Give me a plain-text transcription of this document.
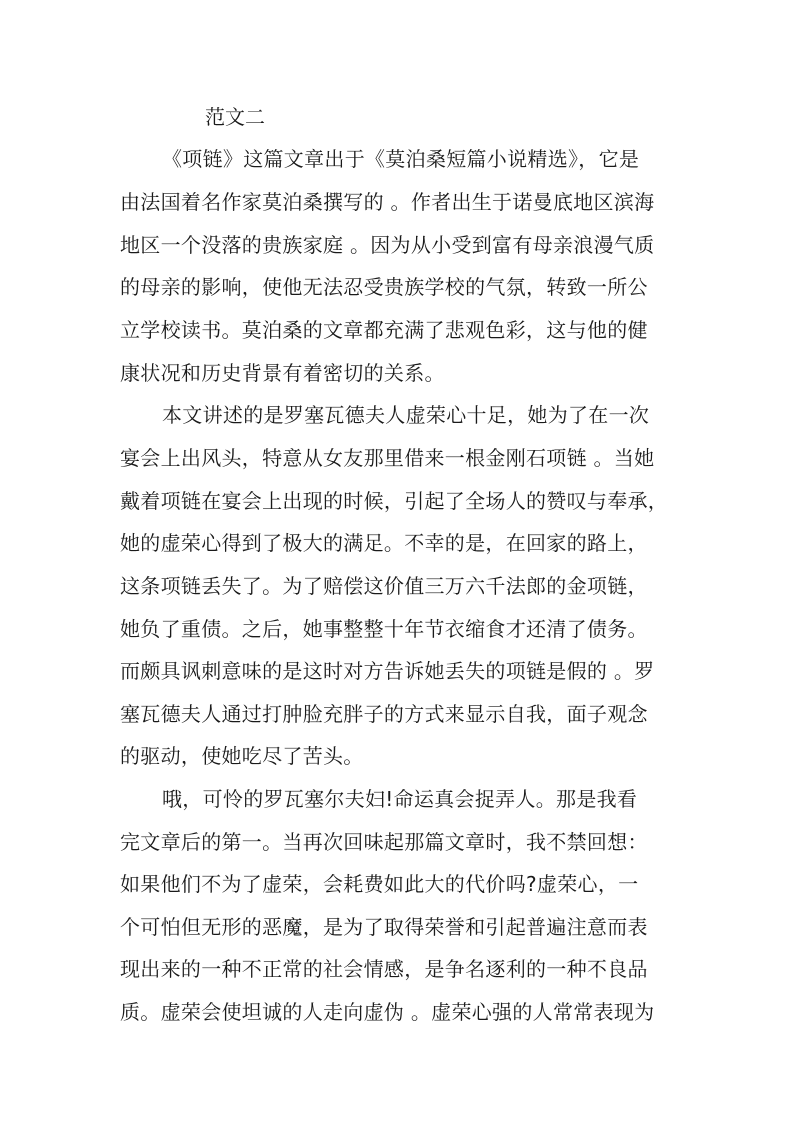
范文二
《项链》这篇文章出于《莫泊桑短篇小说精选》，它是
由法国着名作家莫泊桑撰写的 。作者出生于诺曼底地区滨海
地区一个没落的贵族家庭 。因为从小受到富有母亲浪漫气质
的母亲的影响，使他无法忍受贵族学校的气氛，转致一所公
立学校读书。莫泊桑的文章都充满了悲观色彩，这与他的健
康状况和历史背景有着密切的关系。
本文讲述的是罗塞瓦德夫人虚荣心十足，她为了在一次
宴会上出风头，特意从女友那里借来一根金刚石项链 。当她
戴着项链在宴会上出现的时候，引起了全场人的赞叹与奉承，
她的虚荣心得到了极大的满足。不幸的是，在回家的路上，
这条项链丢失了。为了赔偿这价值三万六千法郎的金项链，
她负了重债。之后，她事整整十年节衣缩食才还清了债务。
而颇具讽刺意味的是这时对方告诉她丢失的项链是假的 。罗
塞瓦德夫人通过打肿脸充胖子的方式来显示自我，面子观念
的驱动，使她吃尽了苦头。
哦，可怜的罗瓦塞尔夫妇!命运真会捉弄人。那是我看
完文章后的第一。当再次回味起那篇文章时，我不禁回想：
如果他们不为了虚荣，会耗费如此大的代价吗?虚荣心，一
个可怕但无形的恶魔，是为了取得荣誉和引起普遍注意而表
现出来的一种不正常的社会情感，是争名逐利的一种不良品
质。虚荣会使坦诚的人走向虚伪 。虚荣心强的人常常表现为
